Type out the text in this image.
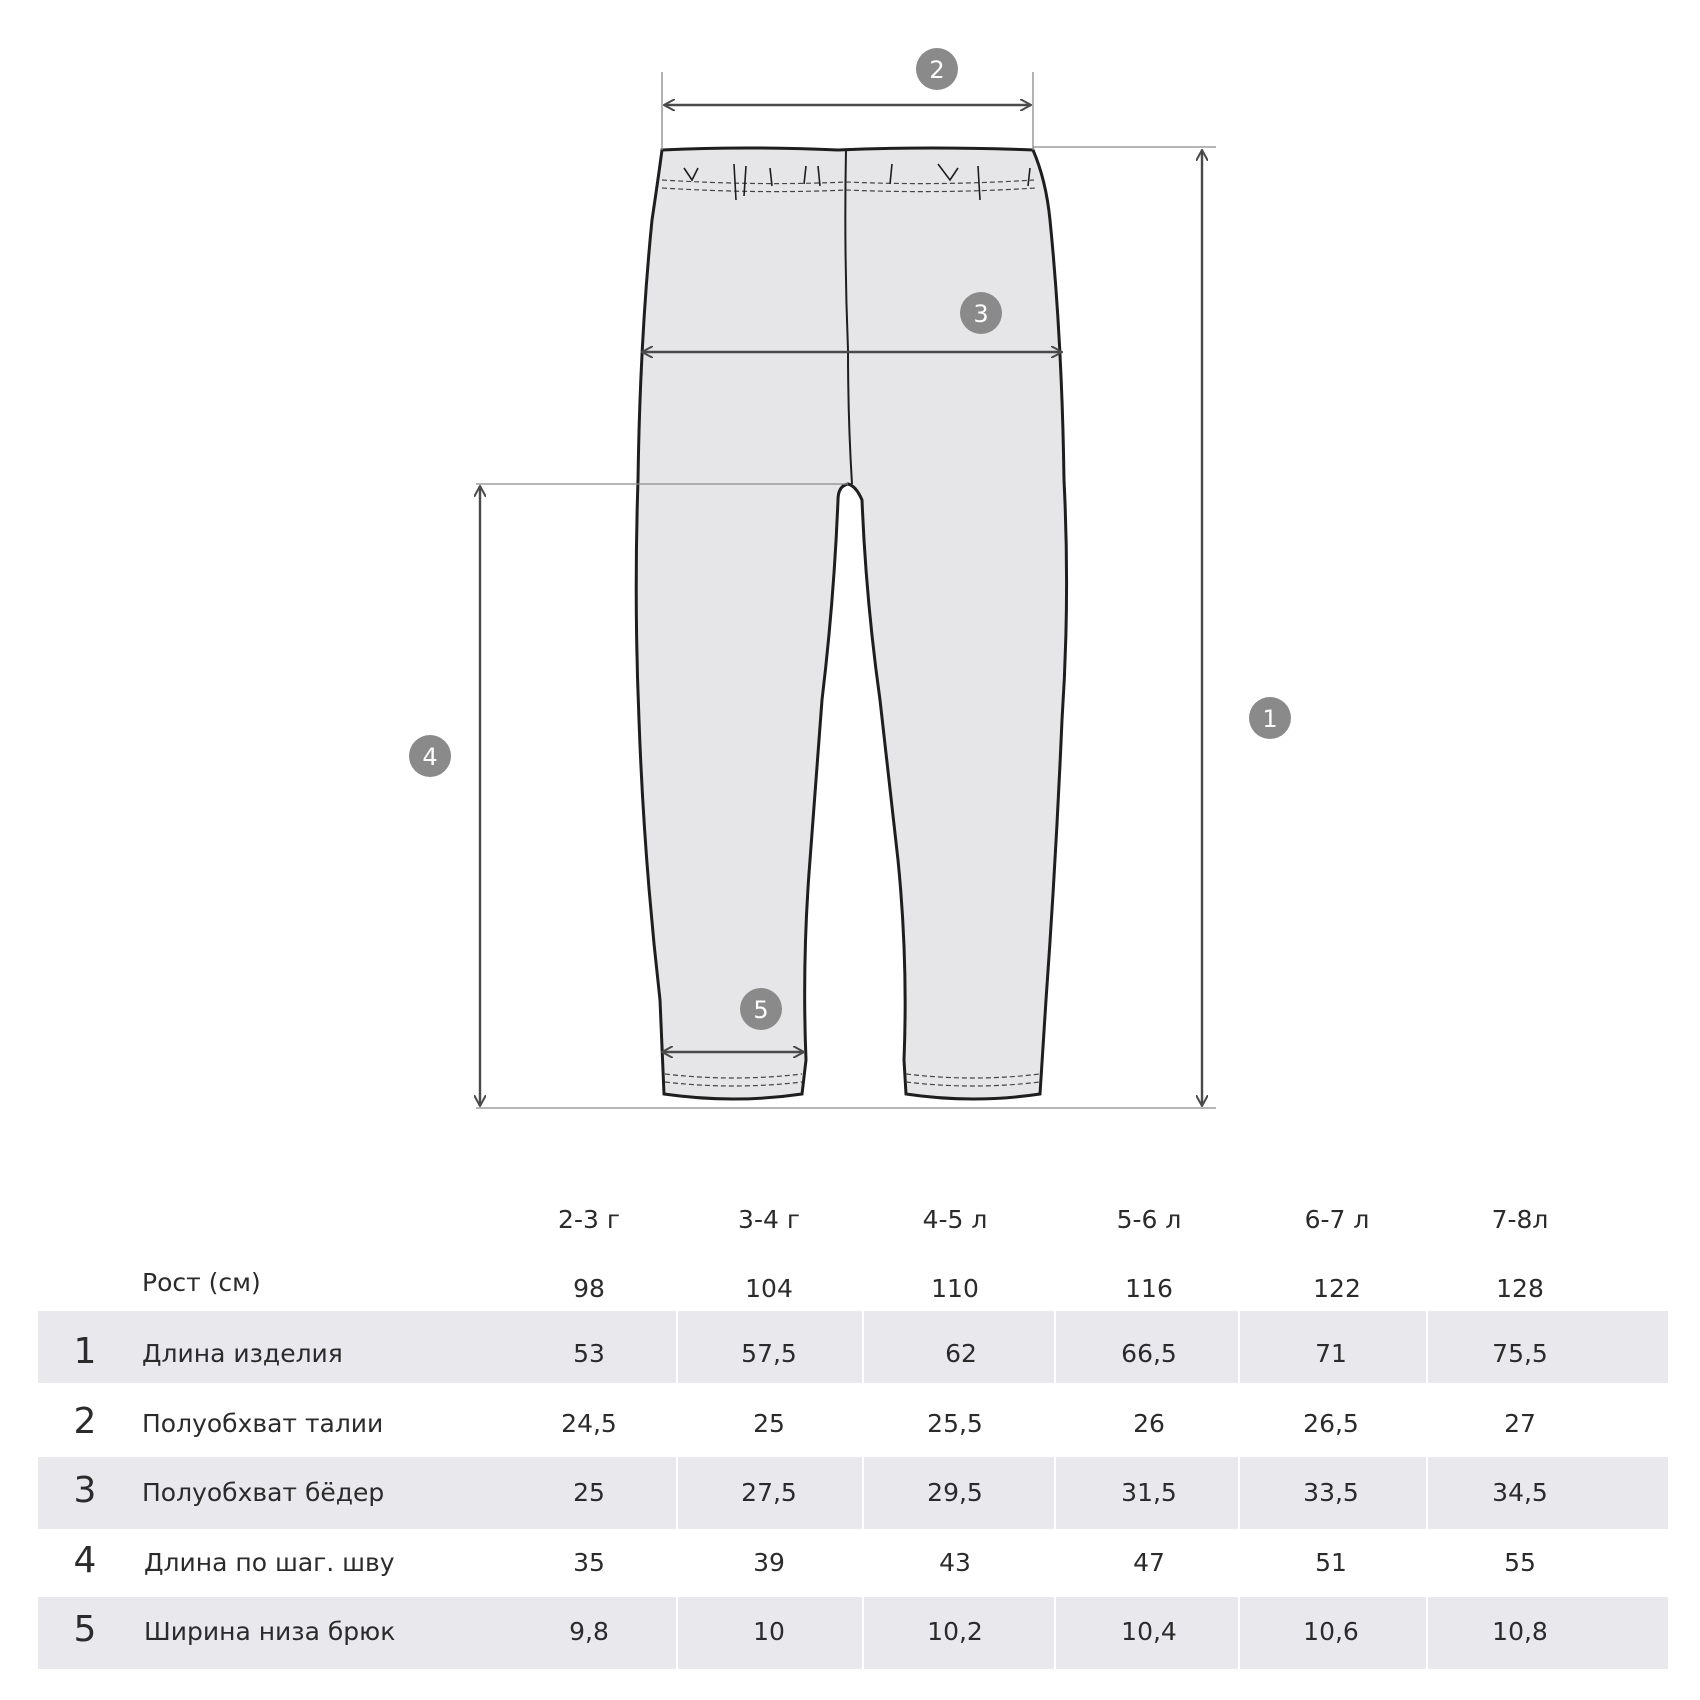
1
2
3
4
5
2-3 г	3-4 г	4-5 л	5-6 л	6-7 л	7-8л
Рост (см)	98	104	110	116	122	128
1 Длина изделия	53	57,5	62	66,5	71	75,5
2 Полуобхват талии	24,5	25	25,5	26	26,5	27
3 Полуобхват бёдер	25	27,5	29,5	31,5	33,5	34,5
4 Длина по шаг. шву	35	39	43	47	51	55
5 Ширина низа брюк	9,8	10	10,2	10,4	10,6	10,8
